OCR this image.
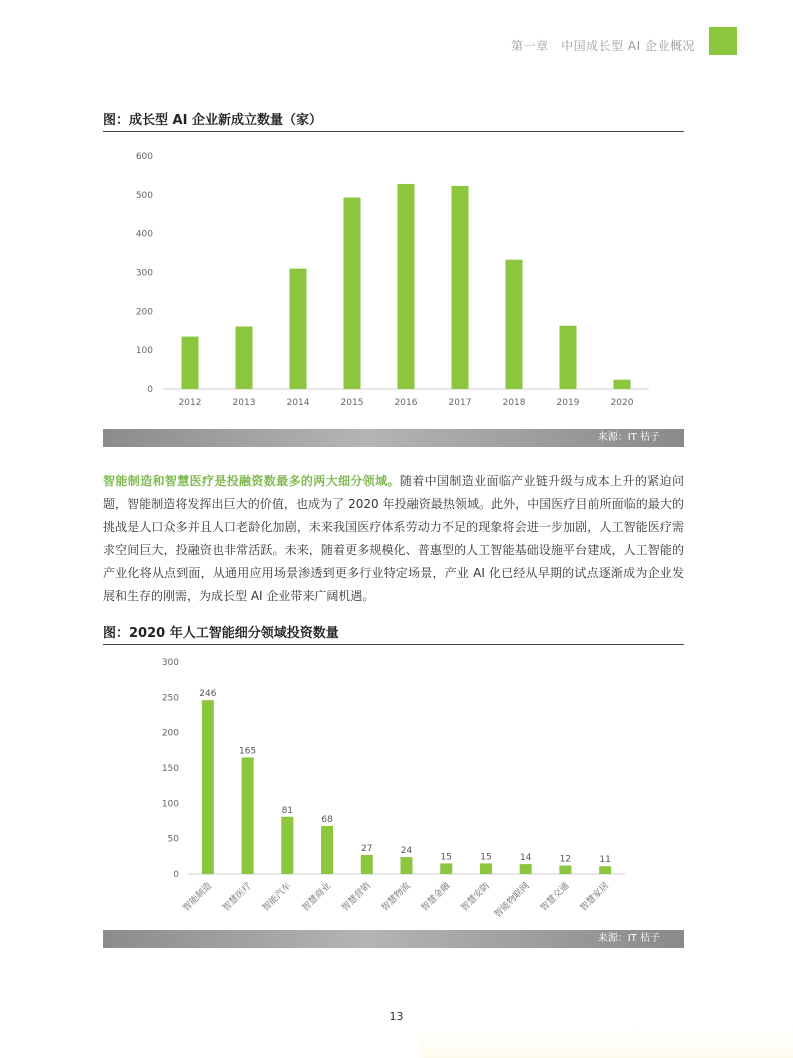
第一章　中国成长型 AI 企业概况
图：成长型 AI 企业新成立数量（家）
0
100
200
300
400
500
600
2012	2013	2014	2015	2016	2017	2018	2019	2020
来源：IT 桔子
智能制造和智慧医疗是投融资数最多的两大细分领域。随着中国制造业面临产业链升级与成本上升的紧迫问题，智能制造将发挥出巨大的价值，也成为了 2020 年投融资最热领域。此外，中国医疗目前所面临的最大的挑战是人口众多并且人口老龄化加剧，未来我国医疗体系劳动力不足的现象将会进一步加剧，人工智能医疗需求空间巨大，投融资也非常活跃。未来，随着更多规模化、普惠型的人工智能基础设施平台建成，人工智能的产业化将从点到面，从通用应用场景渗透到更多行业特定场景，产业 AI 化已经从早期的试点逐渐成为企业发展和生存的刚需，为成长型 AI 企业带来广阔机遇。
图：2020 年人工智能细分领域投资数量
0
50
100
150
200
250
300
246
智能制造
165
智慧医疗
81
智能汽车
68
智慧商业
27
智慧营销
24
智慧物流
15
智慧金融
15
智慧安防
14
智能物联网
12
智慧交通
11
智慧家居
来源：IT 桔子
13
